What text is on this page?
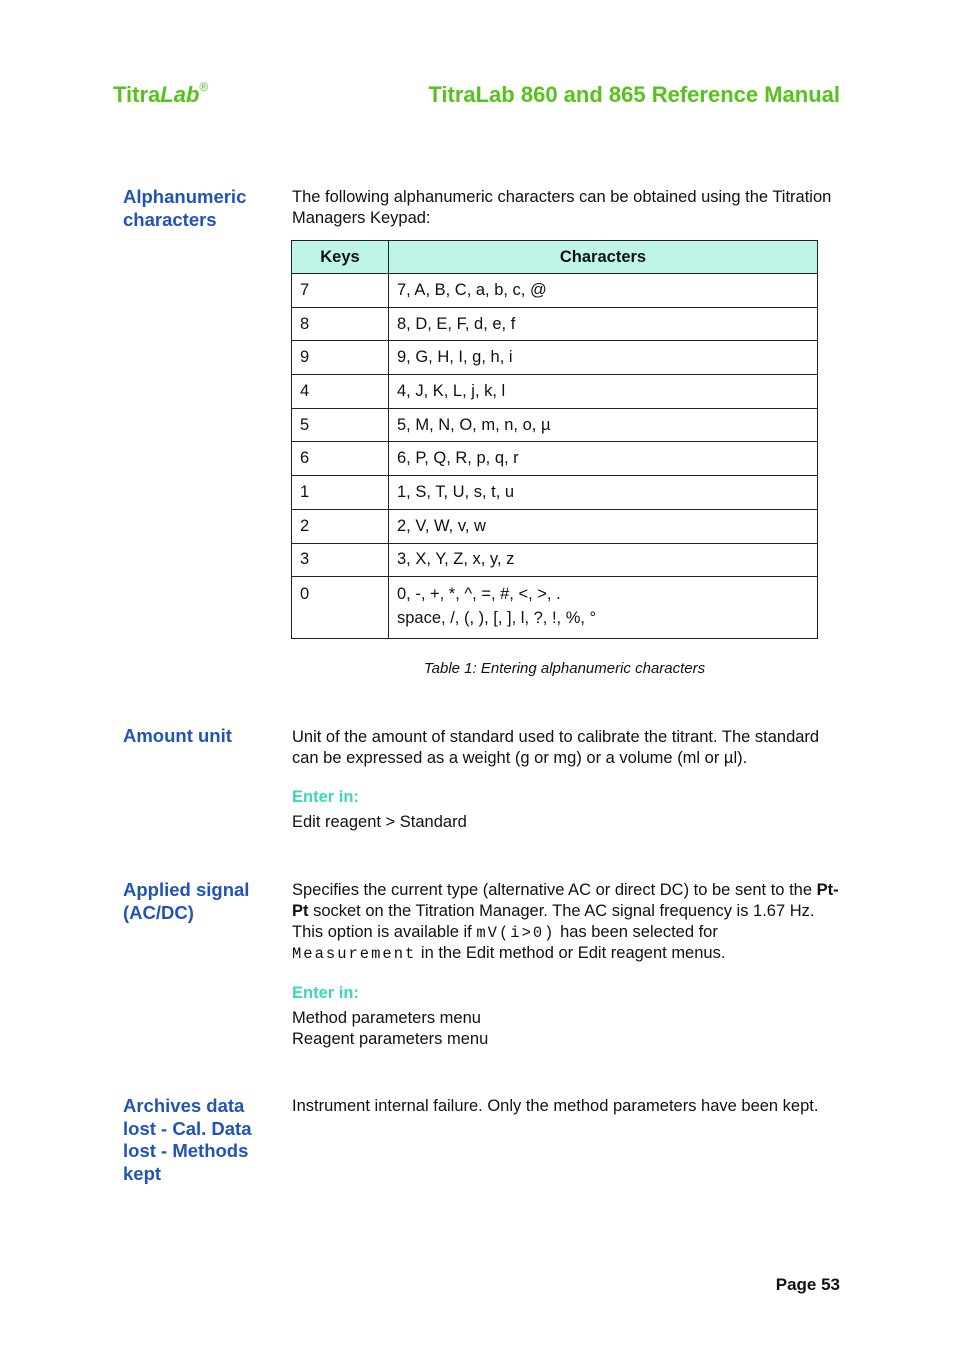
TitraLab®	TitraLab 860 and 865 Reference Manual
Alphanumeric characters
The following alphanumeric characters can be obtained using the Titration Managers Keypad:
Keys	Characters
7	7, A, B, C, a, b, c, @
8	8, D, E, F, d, e, f
9	9, G, H, I, g, h, i
4	4, J, K, L, j, k, l
5	5, M, N, O, m, n, o, µ
6	6, P, Q, R, p, q, r
1	1, S, T, U, s, t, u
2	2, V, W, v, w
3	3, X, Y, Z, x, y, z
0	0, -, +, *, ^, =, #, <, >, .
space, /, (, ), [, ], l, ?, !, %, °
Table 1: Entering alphanumeric characters
Amount unit	Unit of the amount of standard used to calibrate the titrant. The standard can be expressed as a weight (g or mg) or a volume (ml or µl).
Enter in:
Edit reagent > Standard
Applied signal (AC/DC)
Specifies the current type (alternative AC or direct DC) to be sent to the Pt-Pt socket on the Titration Manager. The AC signal frequency is 1.67 Hz. This option is available if mV(i>0) has been selected for Measurement in the Edit method or Edit reagent menus.
Enter in:
Method parameters menu
Reagent parameters menu
Archives data lost - Cal. Data lost - Methods kept
Instrument internal failure. Only the method parameters have been kept.
Page 53
